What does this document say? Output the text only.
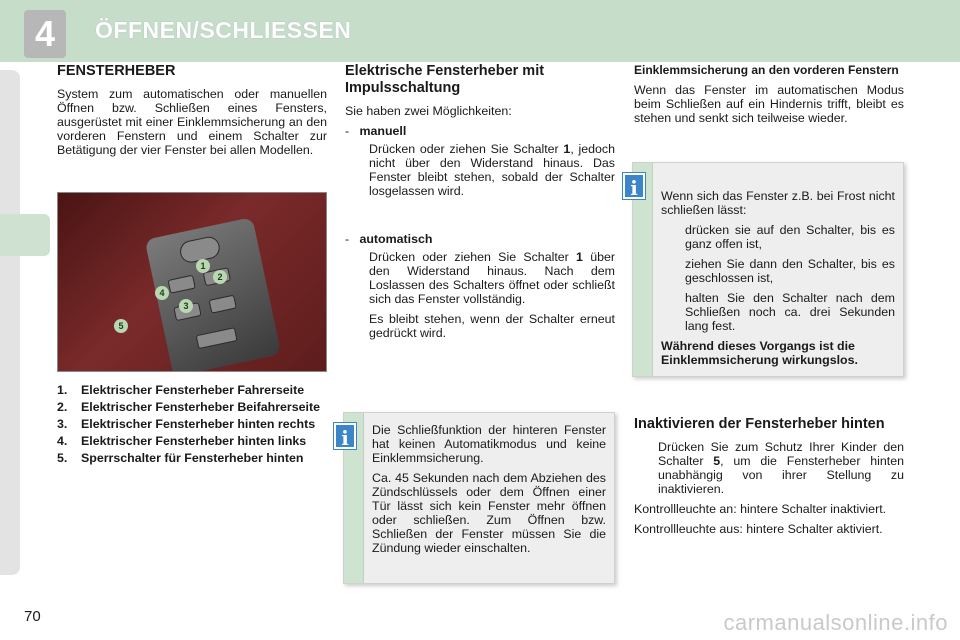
4	ÖFFNEN/SCHLIESSEN
FENSTERHEBER

System zum automatischen oder manuellen Öffnen bzw. Schließen eines Fensters, ausgerüstet mit einer Einklemmsicherung an den vorderen Fenstern und einem Schalter zur Betätigung der vier Fenster bei allen Modellen.

1
2
3
4
5
1. Elektrischer Fensterheber Fahrerseite
2. Elektrischer Fensterheber Beifahrerseite
3. Elektrischer Fensterheber hinten rechts
4. Elektrischer Fensterheber hinten links
5. Sperrschalter für Fensterheber hinten
Elektrische Fensterheber mit Impulsschaltung

Sie haben zwei Möglichkeiten:

- manuell
Drücken oder ziehen Sie Schalter 1, jedoch nicht über den Widerstand hinaus. Das Fenster bleibt stehen, sobald der Schalter losgelassen wird.
- automatisch
Drücken oder ziehen Sie Schalter 1 über den Widerstand hinaus. Nach dem Loslassen des Schalters öffnet oder schließt sich das Fenster vollständig.
Es bleibt stehen, wenn der Schalter erneut gedrückt wird.
i	Die Schließfunktion der hinteren Fenster hat keinen Automatikmodus und keine Einklemmsicherung.

Ca. 45 Sekunden nach dem Abziehen des Zündschlüssels oder dem Öffnen einer Tür lässt sich kein Fenster mehr öffnen oder schließen. Zum Öffnen bzw. Schließen der Fenster müssen Sie die Zündung wieder einschalten.

Einklemmsicherung an den vorderen Fenstern

Wenn das Fenster im automatischen Modus beim Schließen auf ein Hindernis trifft, bleibt es stehen und senkt sich teilweise wieder.

i	Wenn sich das Fenster z.B. bei Frost nicht schließen lässt:

drücken sie auf den Schalter, bis es ganz offen ist,
ziehen Sie dann den Schalter, bis es geschlossen ist,
halten Sie den Schalter nach dem Schließen noch ca. drei Sekunden lang fest.

Während dieses Vorgangs ist die Einklemmsicherung wirkungslos.

Inaktivieren der Fensterheber hinten
Drücken Sie zum Schutz Ihrer Kinder den Schalter 5, um die Fensterheber hinten unabhängig von ihrer Stellung zu inaktivieren.

Kontrollleuchte an: hintere Schalter inaktiviert.

Kontrollleuchte aus: hintere Schalter aktiviert.

70	carmanualsonline.info
